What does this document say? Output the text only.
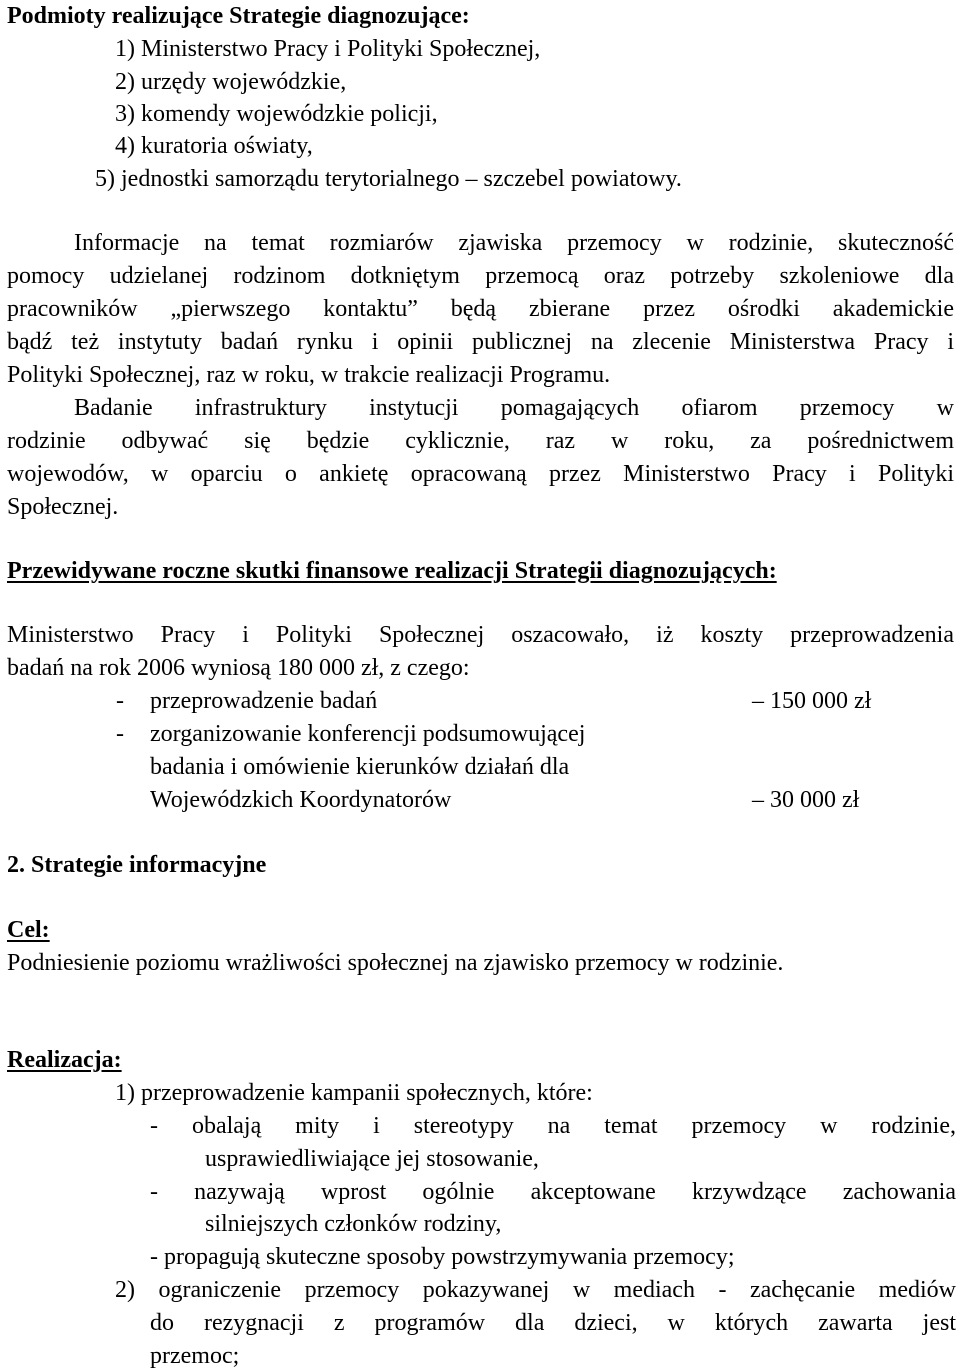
Podmioty realizujące Strategie diagnozujące:
1) Ministerstwo Pracy i Polityki Społecznej,
2) urzędy wojewódzkie,
3) komendy wojewódzkie policji,
4) kuratoria oświaty,
5) jednostki samorządu terytorialnego – szczebel powiatowy.
Informacje na temat rozmiarów zjawiska przemocy w rodzinie, skuteczność
pomocy udzielanej rodzinom dotkniętym przemocą oraz potrzeby szkoleniowe dla
pracowników „pierwszego kontaktu” będą zbierane przez ośrodki akademickie
bądź też instytuty badań rynku i opinii publicznej na zlecenie Ministerstwa Pracy i
Polityki Społecznej, raz w roku, w trakcie realizacji Programu.
Badanie infrastruktury instytucji pomagających ofiarom przemocy w
rodzinie odbywać się będzie cyklicznie, raz w roku, za pośrednictwem
wojewodów, w oparciu o ankietę opracowaną przez Ministerstwo Pracy i Polityki
Społecznej.
Przewidywane roczne skutki finansowe realizacji Strategii diagnozujących:
Ministerstwo Pracy i Polityki Społecznej oszacowało, iż koszty przeprowadzenia
badań na rok 2006 wyniosą 180 000 zł, z czego:
- przeprowadzenie badań	– 150 000 zł
- zorganizowanie konferencji podsumowującej
badania i omówienie kierunków działań dla
Wojewódzkich Koordynatorów	– 30 000 zł
2. Strategie informacyjne
Cel:
Podniesienie poziomu wrażliwości społecznej na zjawisko przemocy w rodzinie.
Realizacja:
1) przeprowadzenie kampanii społecznych, które:
- obalają mity i stereotypy na temat przemocy w rodzinie,
usprawiedliwiające jej stosowanie,
- nazywają wprost ogólnie akceptowane krzywdzące zachowania
silniejszych członków rodziny,
- propagują skuteczne sposoby powstrzymywania przemocy;
2) ograniczenie przemocy pokazywanej w mediach - zachęcanie mediów
do rezygnacji z programów dla dzieci, w których zawarta jest
przemoc;
